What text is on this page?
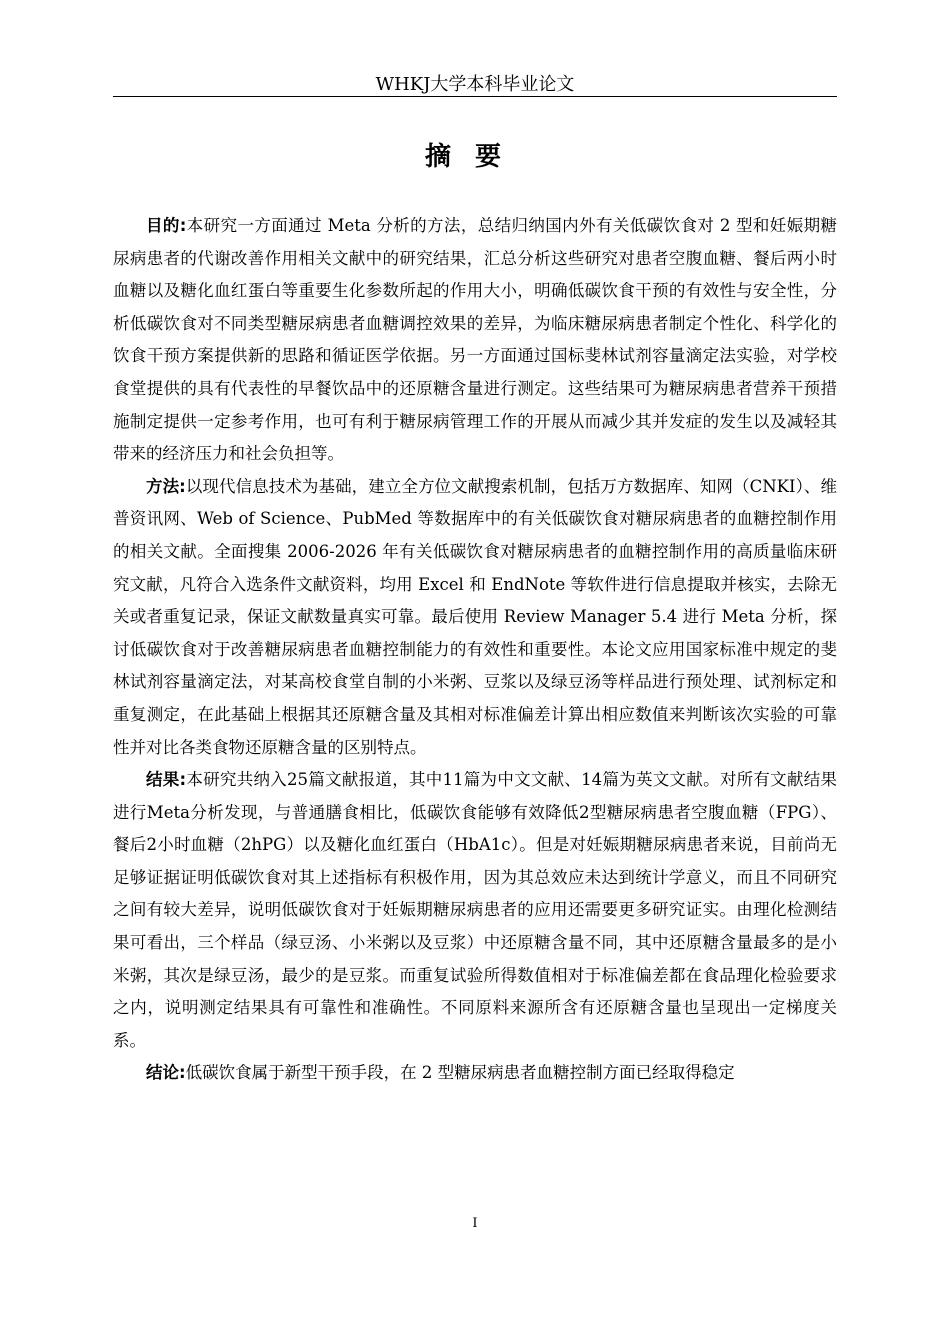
WHKJ大学本科毕业论文
摘要

目的:本研究一方面通过 Meta 分析的方法，总结归纳国内外有关低碳饮食对 2 型和妊娠期糖尿病患者的代谢改善作用相关文献中的研究结果，汇总分析这些研究对患者空腹血糖、餐后两小时血糖以及糖化血红蛋白等重要生化参数所起的作用大小，明确低碳饮食干预的有效性与安全性，分析低碳饮食对不同类型糖尿病患者血糖调控效果的差异，为临床糖尿病患者制定个性化、科学化的饮食干预方案提供新的思路和循证医学依据。另一方面通过国标斐林试剂容量滴定法实验，对学校食堂提供的具有代表性的早餐饮品中的还原糖含量进行测定。这些结果可为糖尿病患者营养干预措施制定提供一定参考作用，也可有利于糖尿病管理工作的开展从而减少其并发症的发生以及减轻其带来的经济压力和社会负担等。

方法:以现代信息技术为基础，建立全方位文献搜索机制，包括万方数据库、知网（CNKI）、维普资讯网、Web of Science、PubMed 等数据库中的有关低碳饮食对糖尿病患者的血糖控制作用的相关文献。全面搜集 2006-2026 年有关低碳饮食对糖尿病患者的血糖控制作用的高质量临床研究文献，凡符合入选条件文献资料，均用 Excel 和 EndNote 等软件进行信息提取并核实，去除无关或者重复记录，保证文献数量真实可靠。最后使用 Review Manager 5.4 进行 Meta 分析，探讨低碳饮食对于改善糖尿病患者血糖控制能力的有效性和重要性。本论文应用国家标准中规定的斐林试剂容量滴定法，对某高校食堂自制的小米粥、豆浆以及绿豆汤等样品进行预处理、试剂标定和重复测定，在此基础上根据其还原糖含量及其相对标准偏差计算出相应数值来判断该次实验的可靠性并对比各类食物还原糖含量的区别特点。

结果:本研究共纳入25篇文献报道，其中11篇为中文文献、14篇为英文文献。对所有文献结果进行Meta分析发现，与普通膳食相比，低碳饮食能够有效降低2型糖尿病患者空腹血糖（FPG）、餐后2小时血糖（2hPG）以及糖化血红蛋白（HbA1c）。但是对妊娠期糖尿病患者来说，目前尚无足够证据证明低碳饮食对其上述指标有积极作用，因为其总效应未达到统计学意义，而且不同研究之间有较大差异，说明低碳饮食对于妊娠期糖尿病患者的应用还需要更多研究证实。由理化检测结果可看出，三个样品（绿豆汤、小米粥以及豆浆）中还原糖含量不同，其中还原糖含量最多的是小米粥，其次是绿豆汤，最少的是豆浆。而重复试验所得数值相对于标准偏差都在食品理化检验要求之内，说明测定结果具有可靠性和准确性。不同原料来源所含有还原糖含量也呈现出一定梯度关系。

结论:低碳饮食属于新型干预手段，在 2 型糖尿病患者血糖控制方面已经取得稳定

I
